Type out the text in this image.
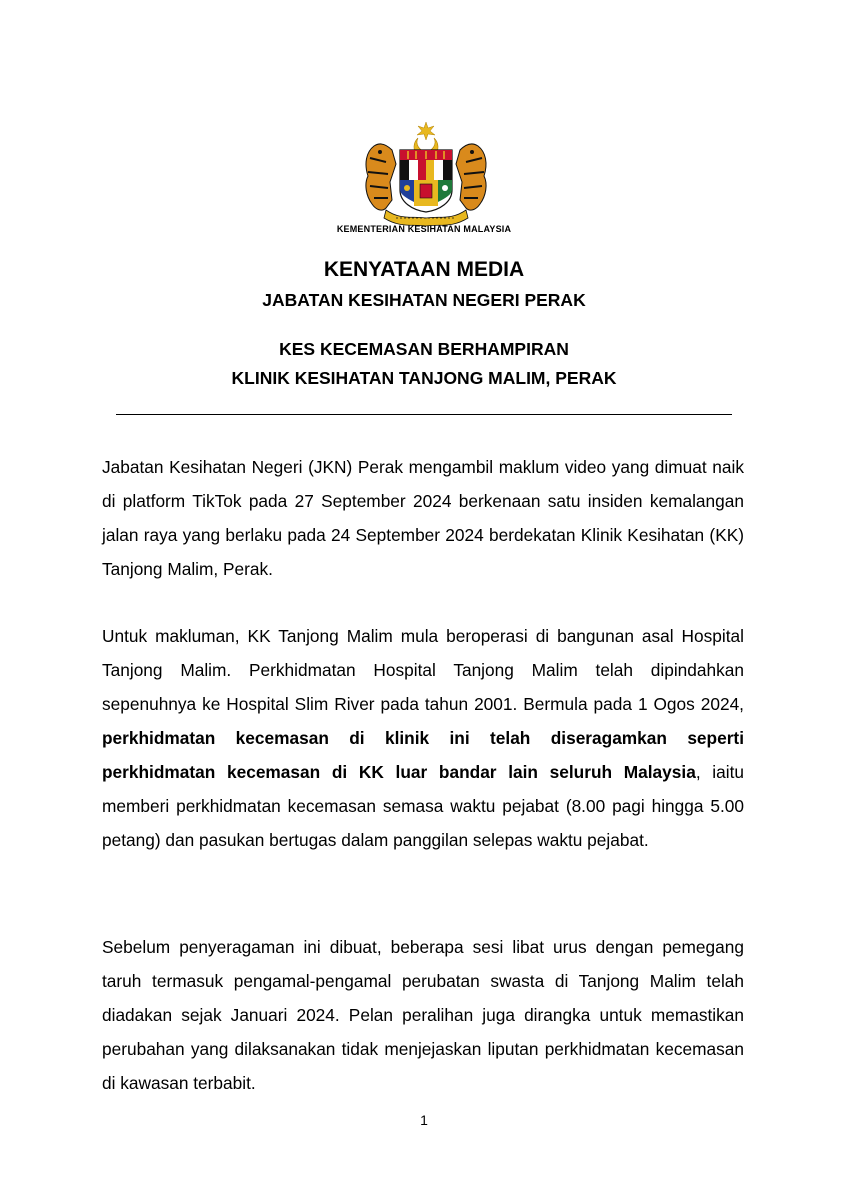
KEMENTERIAN KESIHATAN MALAYSIA
KENYATAAN MEDIA
JABATAN KESIHATAN NEGERI PERAK
KES KECEMASAN BERHAMPIRAN
KLINIK KESIHATAN TANJONG MALIM, PERAK

Jabatan Kesihatan Negeri (JKN) Perak mengambil maklum video yang dimuat naik di platform TikTok pada 27 September 2024 berkenaan satu insiden kemalangan jalan raya yang berlaku pada 24 September 2024 berdekatan Klinik Kesihatan (KK) Tanjong Malim, Perak.

Untuk makluman, KK Tanjong Malim mula beroperasi di bangunan asal Hospital Tanjong Malim. Perkhidmatan Hospital Tanjong Malim telah dipindahkan sepenuhnya ke Hospital Slim River pada tahun 2001. Bermula pada 1 Ogos 2024, perkhidmatan kecemasan di klinik ini telah diseragamkan seperti perkhidmatan kecemasan di KK luar bandar lain seluruh Malaysia, iaitu memberi perkhidmatan kecemasan semasa waktu pejabat (8.00 pagi hingga 5.00 petang) dan pasukan bertugas dalam panggilan selepas waktu pejabat.

Sebelum penyeragaman ini dibuat, beberapa sesi libat urus dengan pemegang taruh termasuk pengamal-pengamal perubatan swasta di Tanjong Malim telah diadakan sejak Januari 2024. Pelan peralihan juga dirangka untuk memastikan perubahan yang dilaksanakan tidak menjejaskan liputan perkhidmatan kecemasan di kawasan terbabit.

1
